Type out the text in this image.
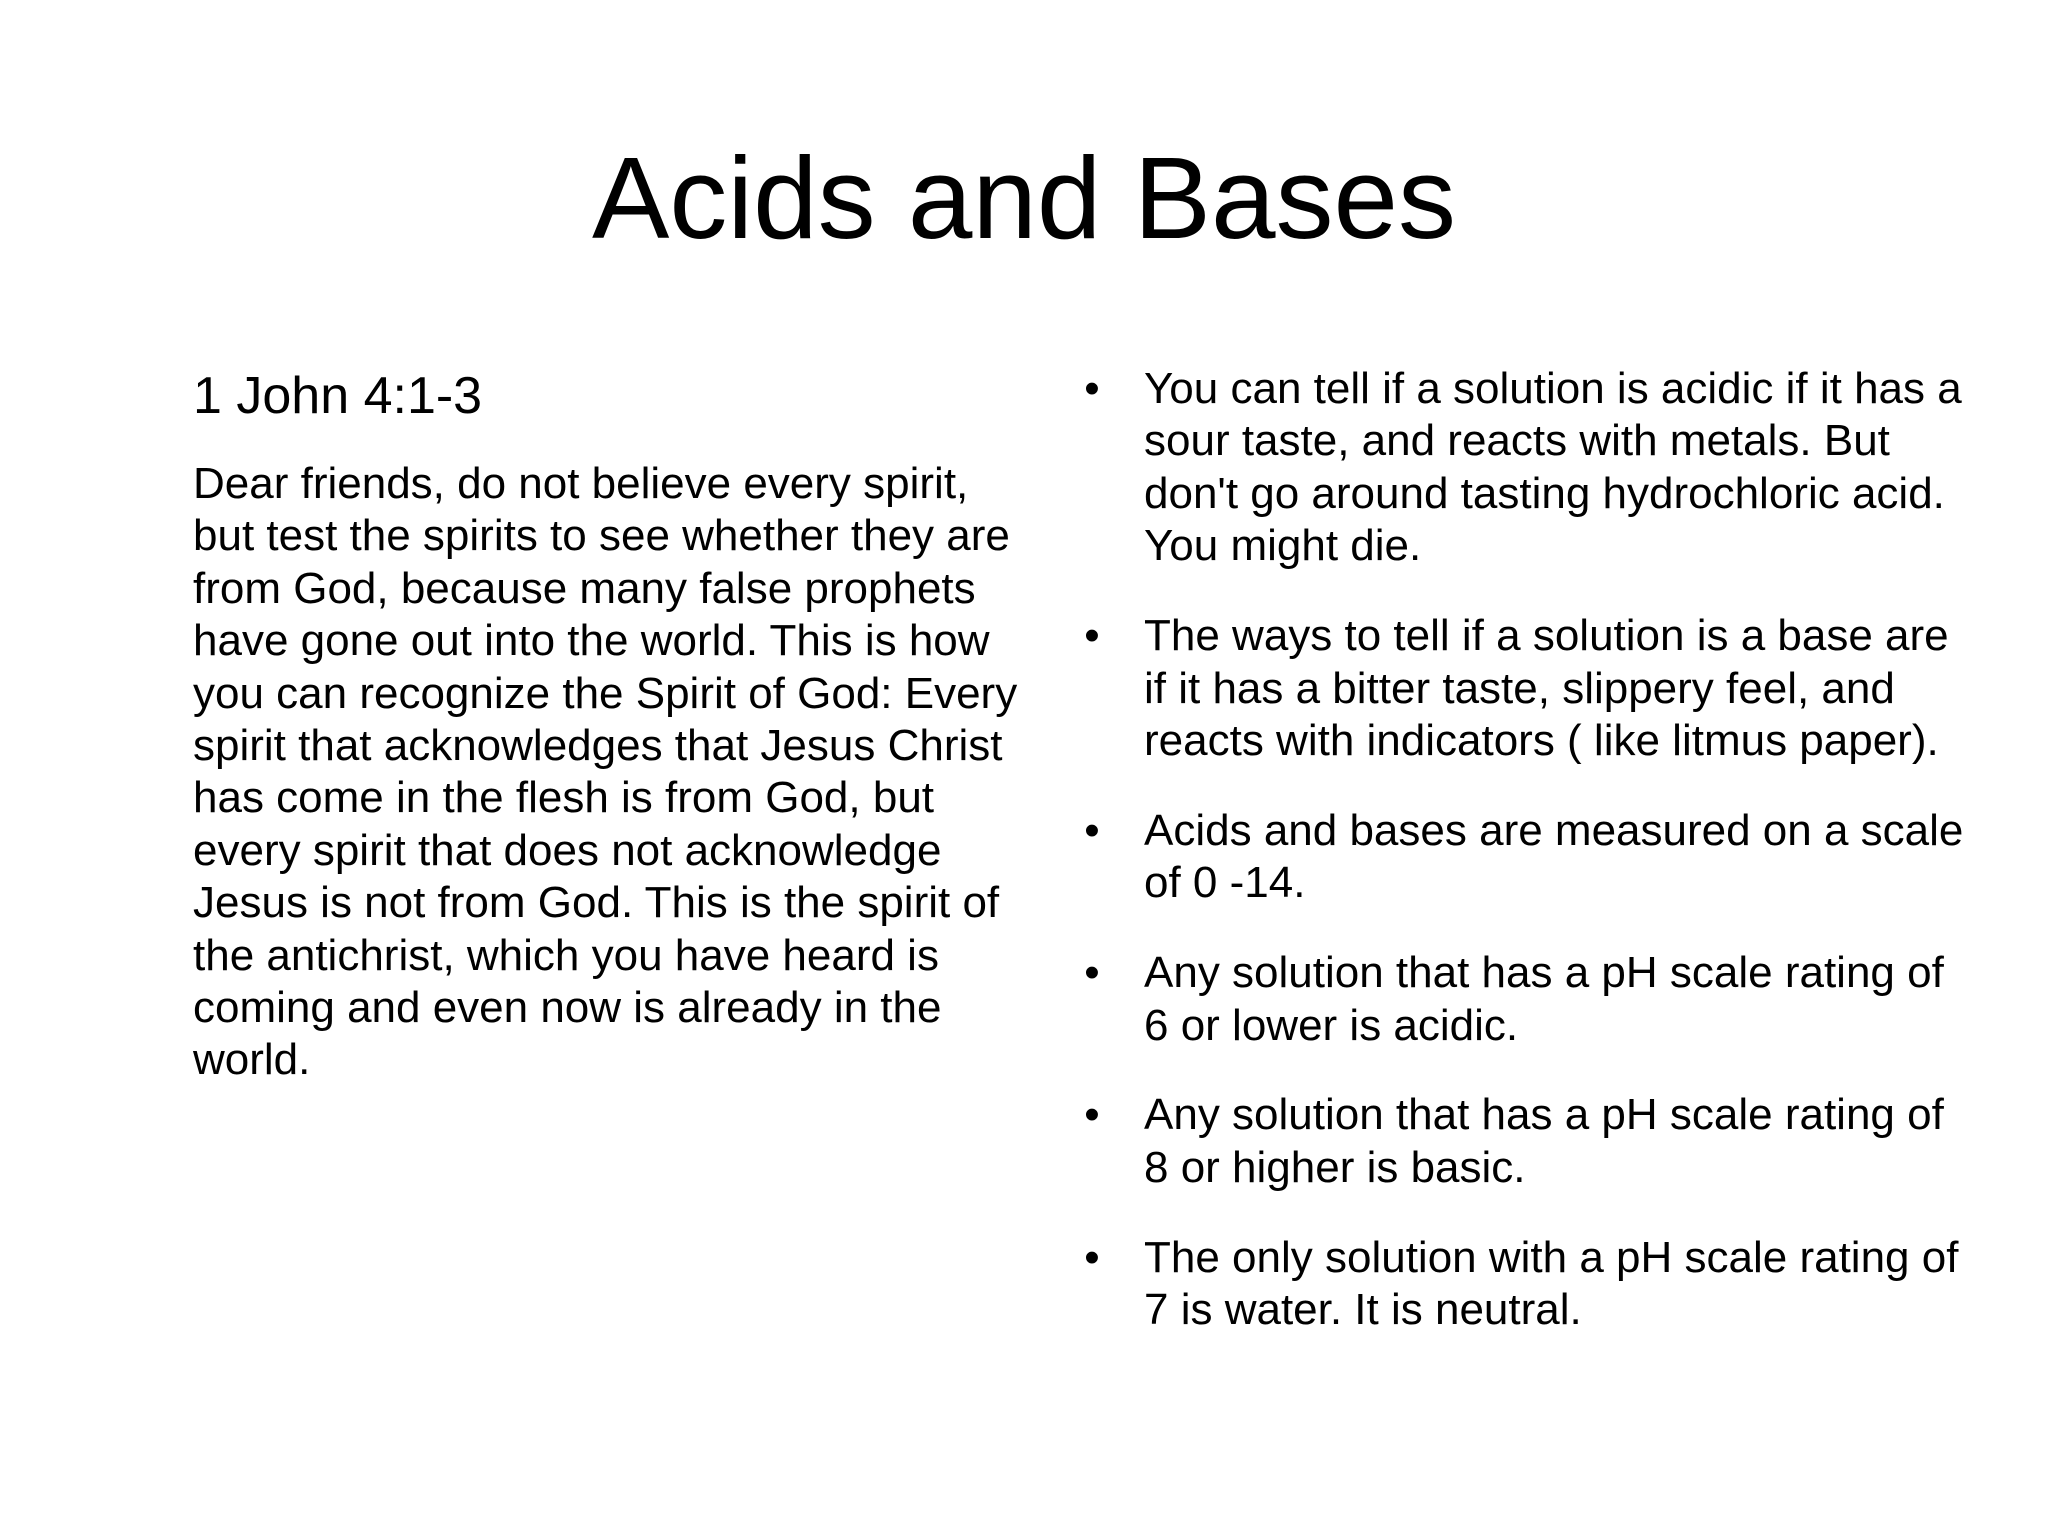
Acids and Bases

1 John 4:1-3

Dear friends, do not believe every spirit, but test the spirits to see whether they are from God, because many false prophets have gone out into the world. This is how you can recognize the Spirit of God: Every spirit that acknowledges that Jesus Christ has come in the flesh is from God, but every spirit that does not acknowledge Jesus is not from God. This is the spirit of the antichrist, which you have heard is coming and even now is already in the world.

• You can tell if a solution is acidic if it has a sour taste, and reacts with metals. But don't go around tasting hydrochloric acid. You might die.
• The ways to tell if a solution is a base are if it has a bitter taste, slippery feel, and reacts with indicators ( like litmus paper).
• Acids and bases are measured on a scale of 0 -14.
• Any solution that has a pH scale rating of 6 or lower is acidic.
• Any solution that has a pH scale rating of 8 or higher is basic.
• The only solution with a pH scale rating of 7 is water. It is neutral.
